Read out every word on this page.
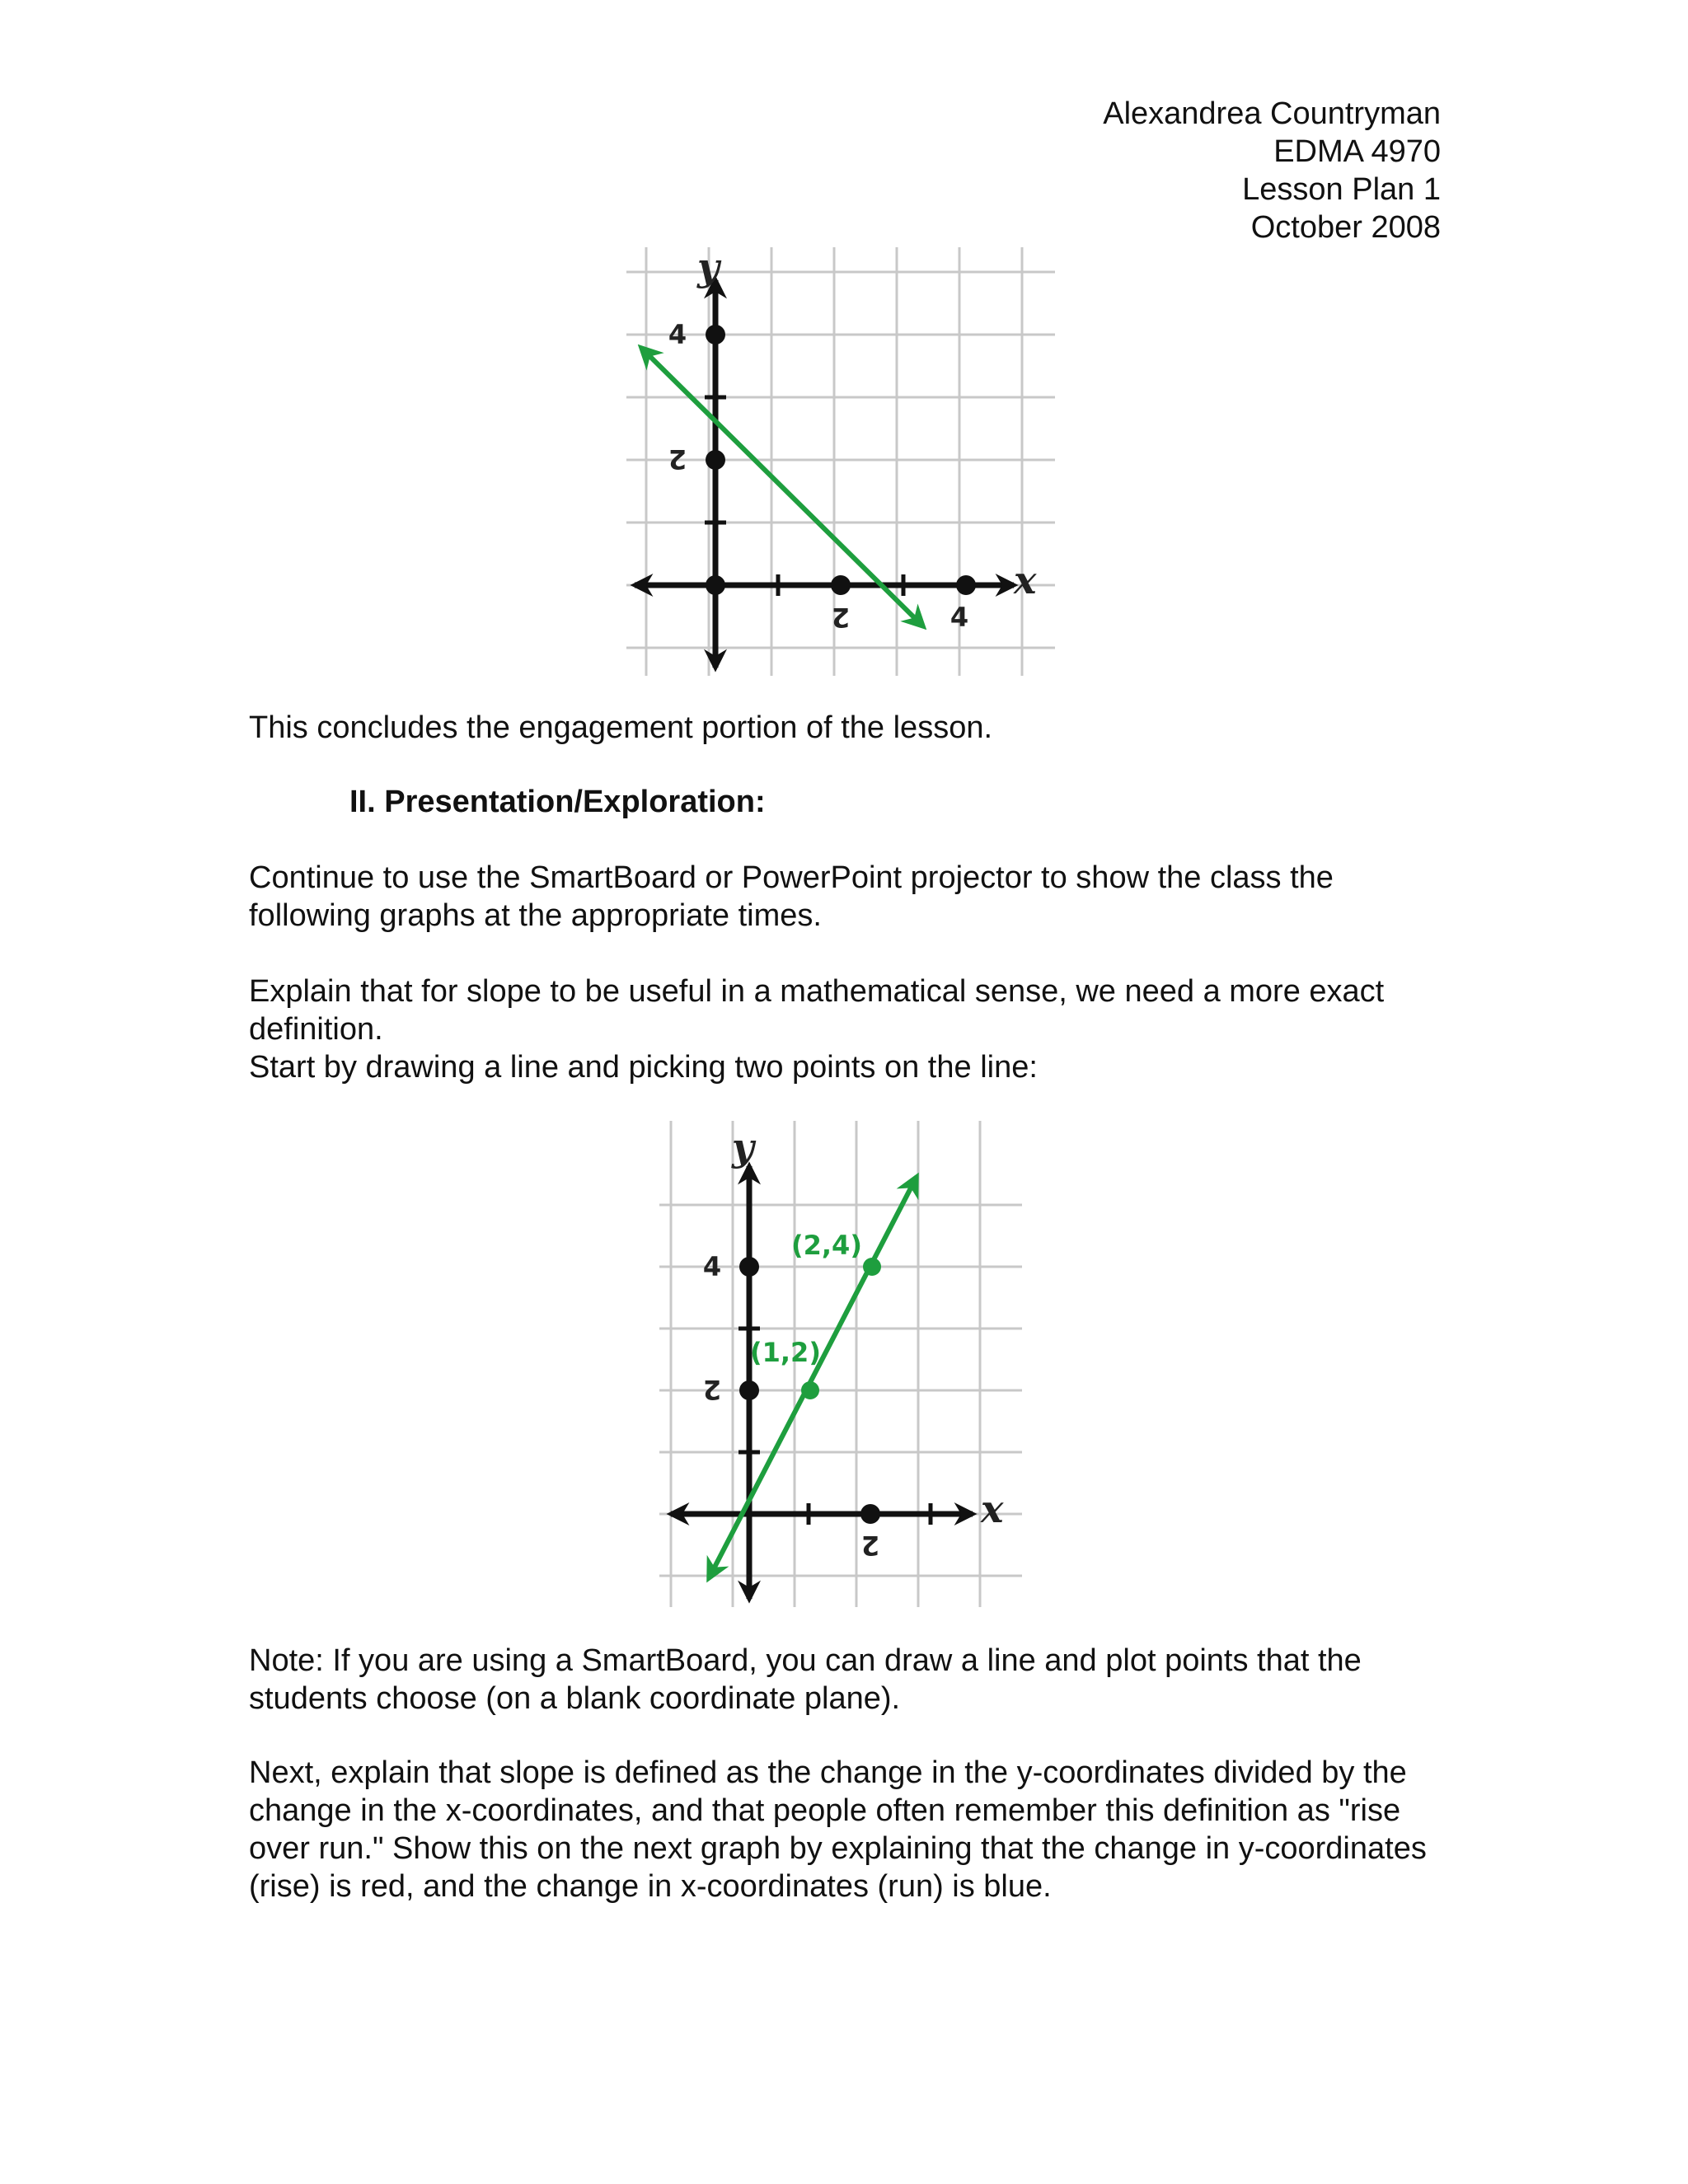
Alexandrea Countryman
EDMA 4970
Lesson Plan 1
October 2008
2	4
2
4
x
y

This concludes the engagement portion of the lesson.

II. Presentation/Exploration:

Continue to use the SmartBoard or PowerPoint projector to show the class the following graphs at the appropriate times.

Explain that for slope to be useful in a mathematical sense, we need a more exact definition.

Start by drawing a line and picking two points on the line:

(1,2)
(2,4)
2
2
4
x
y

Note: If you are using a SmartBoard, you can draw a line and plot points that the students choose (on a blank coordinate plane).

Next, explain that slope is defined as the change in the y-coordinates divided by the change in the x-coordinates, and that people often remember this definition as "rise over run." Show this on the next graph by explaining that the change in y-coordinates (rise) is red, and the change in x-coordinates (run) is blue.
